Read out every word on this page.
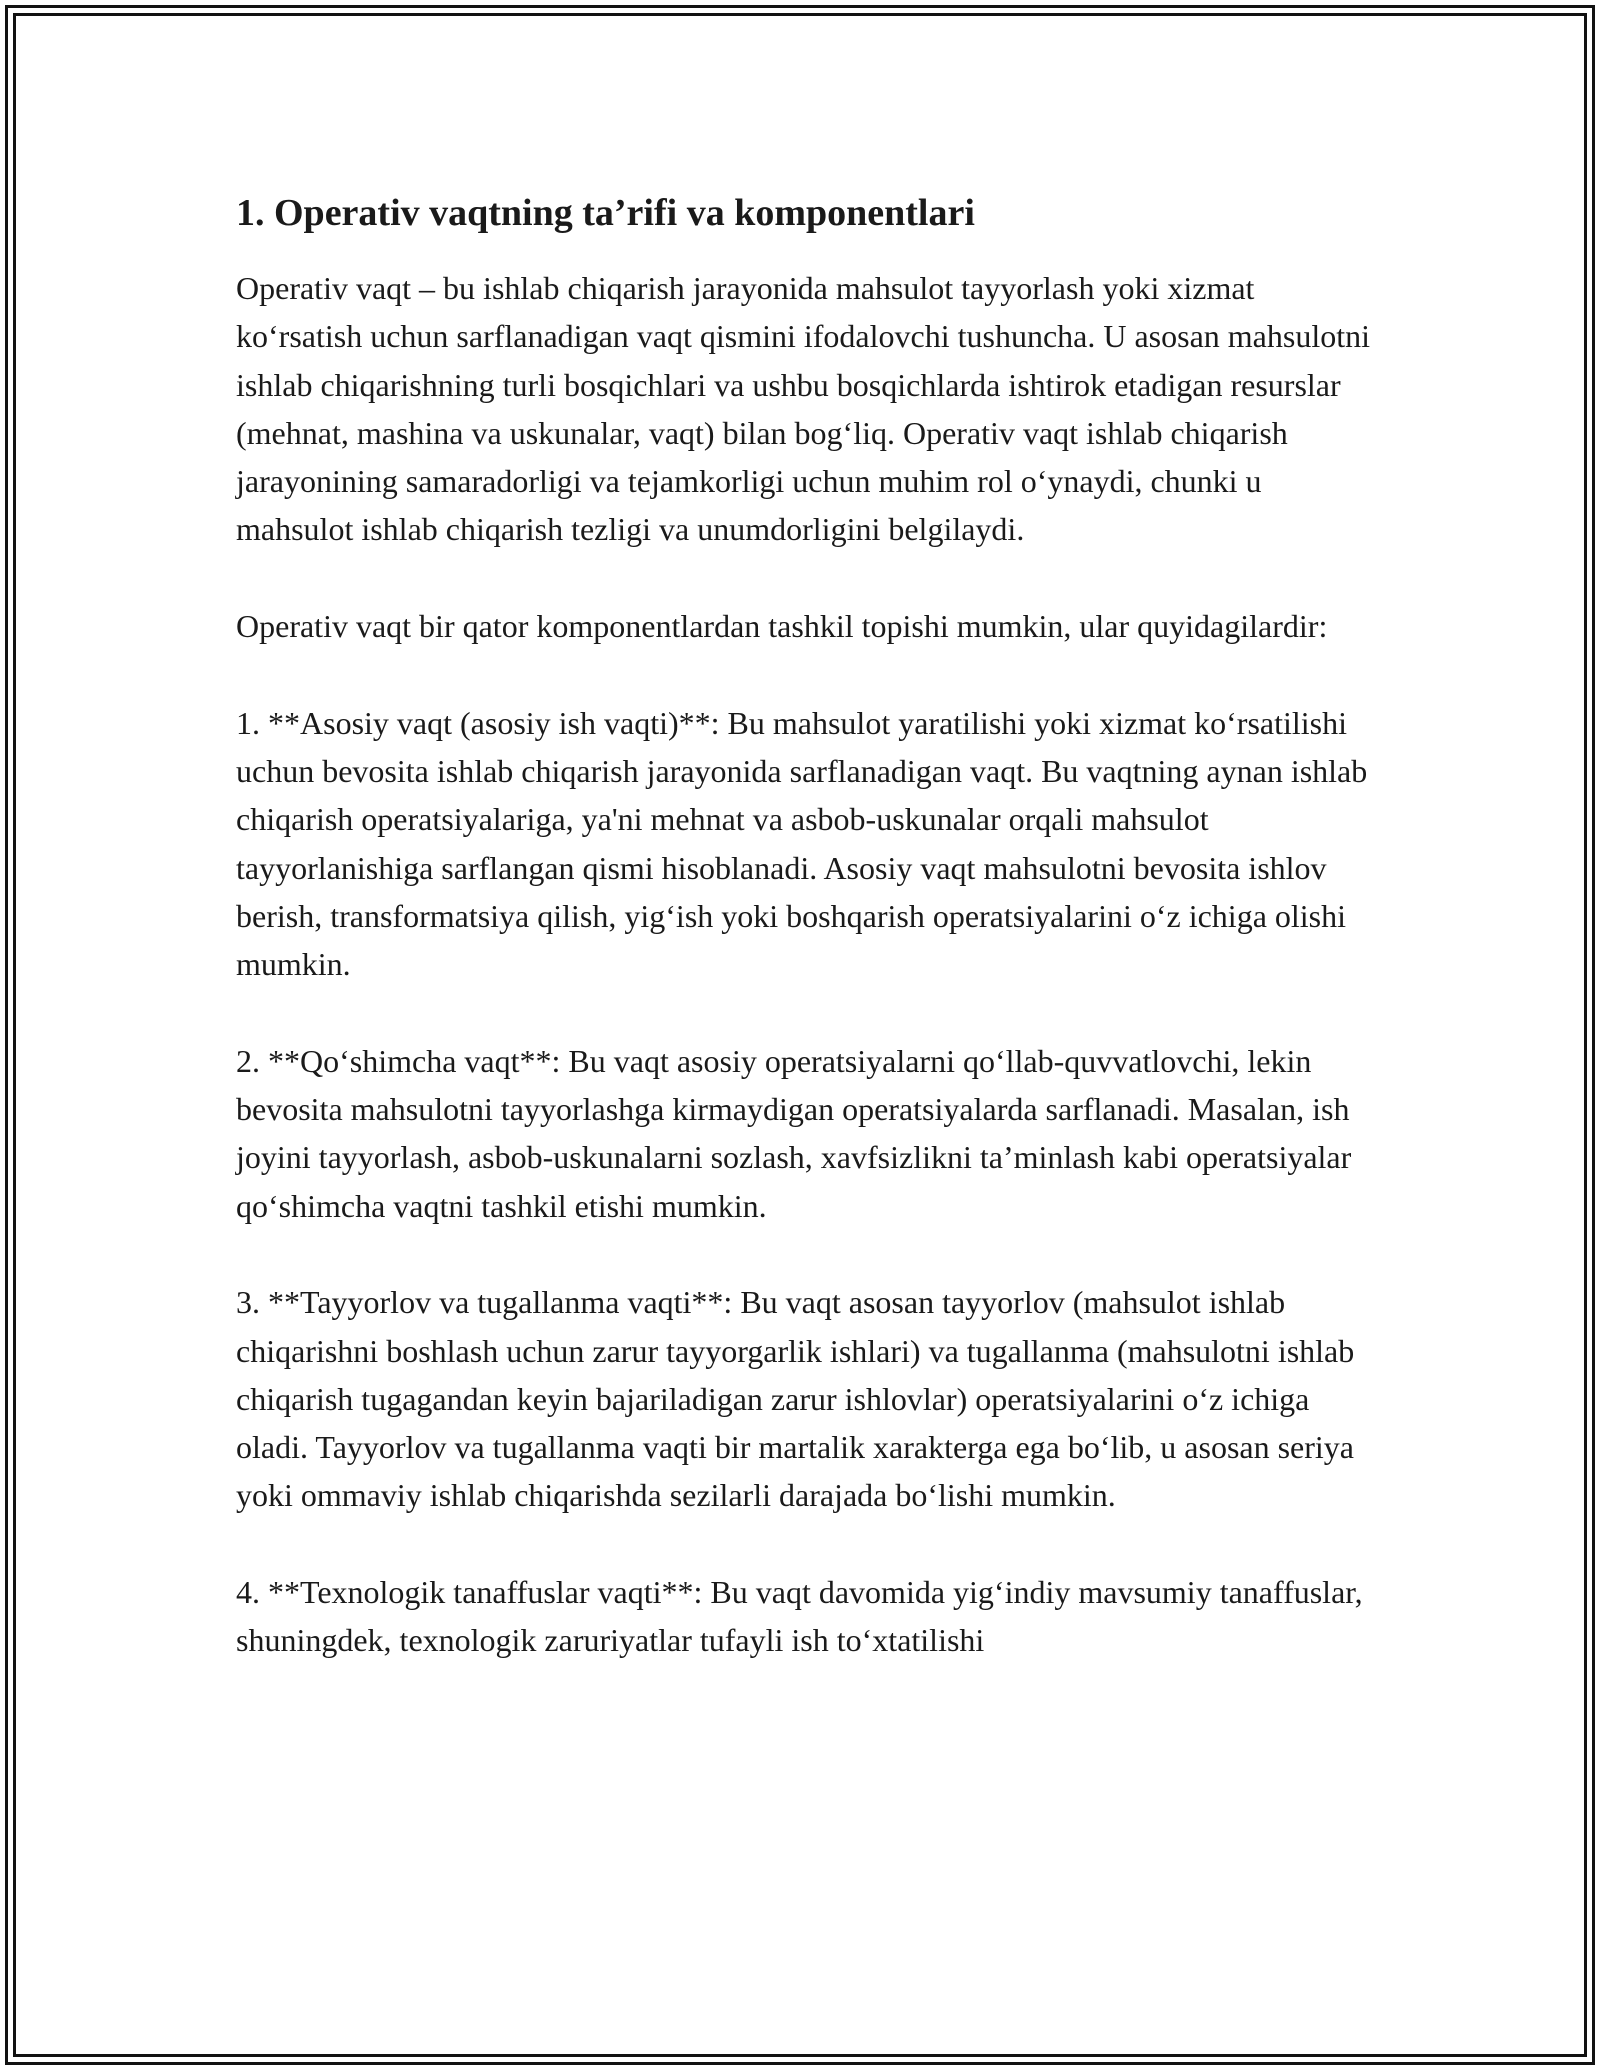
1. Operativ vaqtning ta’rifi va komponentlari

Operativ vaqt – bu ishlab chiqarish jarayonida mahsulot tayyorlash yoki xizmat ko‘rsatish uchun sarflanadigan vaqt qismini ifodalovchi tushuncha. U asosan mahsulotni ishlab chiqarishning turli bosqichlari va ushbu bosqichlarda ishtirok etadigan resurslar (mehnat, mashina va uskunalar, vaqt) bilan bog‘liq. Operativ vaqt ishlab chiqarish jarayonining samaradorligi va tejamkorligi uchun muhim rol o‘ynaydi, chunki u mahsulot ishlab chiqarish tezligi va unumdorligini belgilaydi.

Operativ vaqt bir qator komponentlardan tashkil topishi mumkin, ular quyidagilardir:

1. **Asosiy vaqt (asosiy ish vaqti)**: Bu mahsulot yaratilishi yoki xizmat ko‘rsatilishi uchun bevosita ishlab chiqarish jarayonida sarflanadigan vaqt. Bu vaqtning aynan ishlab chiqarish operatsiyalariga, ya'ni mehnat va asbob-uskunalar orqali mahsulot tayyorlanishiga sarflangan qismi hisoblanadi. Asosiy vaqt mahsulotni bevosita ishlov berish, transformatsiya qilish, yig‘ish yoki boshqarish operatsiyalarini o‘z ichiga olishi mumkin.

2. **Qo‘shimcha vaqt**: Bu vaqt asosiy operatsiyalarni qo‘llab-quvvatlovchi, lekin bevosita mahsulotni tayyorlashga kirmaydigan operatsiyalarda sarflanadi. Masalan, ish joyini tayyorlash, asbob-uskunalarni sozlash, xavfsizlikni ta’minlash kabi operatsiyalar qo‘shimcha vaqtni tashkil etishi mumkin.

3. **Tayyorlov va tugallanma vaqti**: Bu vaqt asosan tayyorlov (mahsulot ishlab chiqarishni boshlash uchun zarur tayyorgarlik ishlari) va tugallanma (mahsulotni ishlab chiqarish tugagandan keyin bajariladigan zarur ishlovlar) operatsiyalarini o‘z ichiga oladi. Tayyorlov va tugallanma vaqti bir martalik xarakterga ega bo‘lib, u asosan seriya yoki ommaviy ishlab chiqarishda sezilarli darajada bo‘lishi mumkin.

4. **Texnologik tanaffuslar vaqti**: Bu vaqt davomida yig‘indiy mavsumiy tanaffuslar, shuningdek, texnologik zaruriyatlar tufayli ish to‘xtatilishi
